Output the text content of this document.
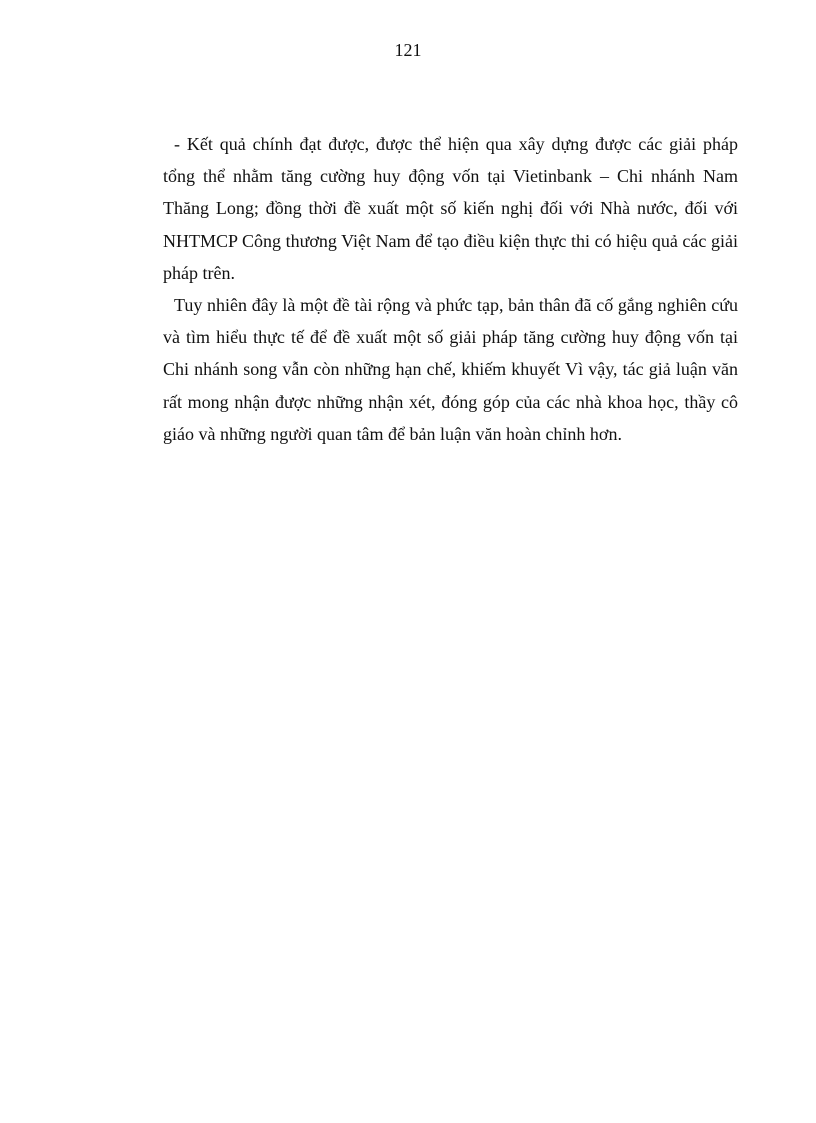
121

- Kết quả chính đạt được, được thể hiện qua xây dựng được các giải pháp tổng thể nhằm tăng cường huy động vốn tại Vietinbank – Chi nhánh Nam Thăng Long; đồng thời đề xuất một số kiến nghị đối với Nhà nước, đối với NHTMCP Công thương Việt Nam để tạo điều kiện thực thi có hiệu quả các giải pháp trên.

Tuy nhiên đây là một đề tài rộng và phức tạp, bản thân đã cố gắng nghiên cứu và tìm hiểu thực tế để đề xuất một số giải pháp tăng cường huy động vốn tại Chi nhánh song vẫn còn những hạn chế, khiếm khuyết Vì vậy, tác giả luận văn rất mong nhận được những nhận xét, đóng góp của các nhà khoa học, thầy cô giáo và những người quan tâm để bản luận văn hoàn chỉnh hơn.
